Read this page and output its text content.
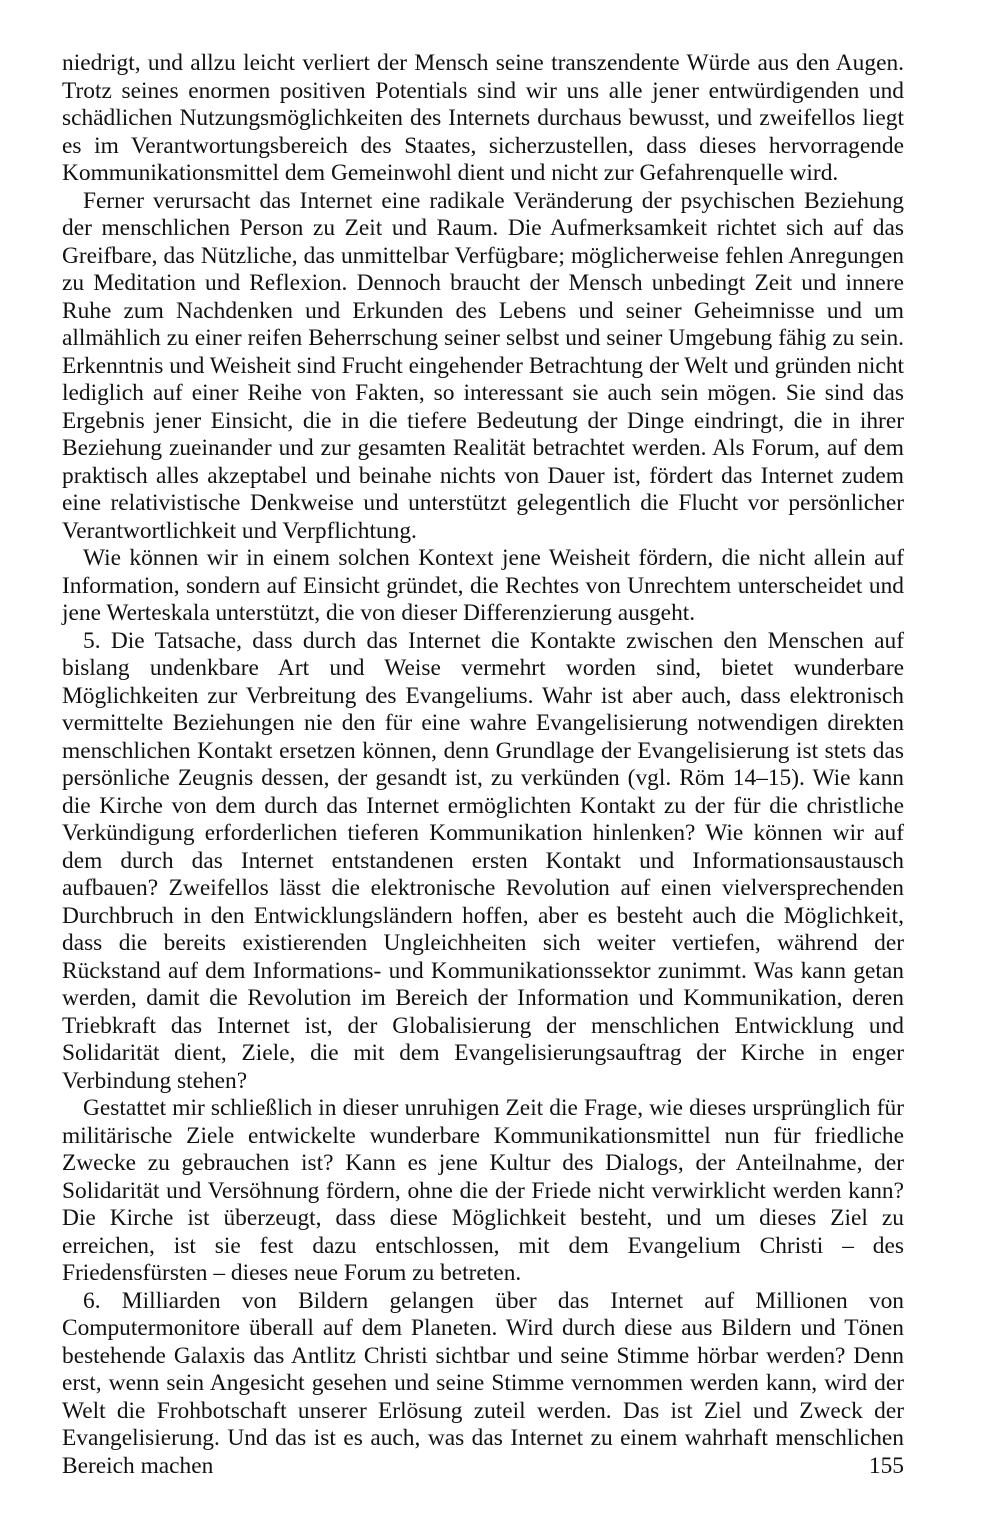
niedrigt, und allzu leicht verliert der Mensch seine transzendente Würde aus den Augen. Trotz seines enormen positiven Potentials sind wir uns alle jener entwürdigenden und schädlichen Nutzungsmöglichkeiten des Internets durchaus bewusst, und zweifellos liegt es im Verantwortungsbereich des Staates, sicherzustellen, dass dieses hervorragende Kommunikationsmittel dem Gemeinwohl dient und nicht zur Gefahrenquelle wird.

Ferner verursacht das Internet eine radikale Veränderung der psychischen Beziehung der menschlichen Person zu Zeit und Raum. Die Aufmerksamkeit richtet sich auf das Greifbare, das Nützliche, das unmittelbar Verfügbare; möglicherweise fehlen Anregungen zu Meditation und Reflexion. Dennoch braucht der Mensch unbedingt Zeit und innere Ruhe zum Nachdenken und Erkunden des Lebens und seiner Geheimnisse und um allmählich zu einer reifen Beherrschung seiner selbst und seiner Umgebung fähig zu sein. Erkenntnis und Weisheit sind Frucht eingehender Betrachtung der Welt und gründen nicht lediglich auf einer Reihe von Fakten, so interessant sie auch sein mögen. Sie sind das Ergebnis jener Einsicht, die in die tiefere Bedeutung der Dinge eindringt, die in ihrer Beziehung zueinander und zur gesamten Realität betrachtet werden. Als Forum, auf dem praktisch alles akzeptabel und beinahe nichts von Dauer ist, fördert das Internet zudem eine relativistische Denkweise und unterstützt gelegentlich die Flucht vor persönlicher Verantwortlichkeit und Verpflichtung.

Wie können wir in einem solchen Kontext jene Weisheit fördern, die nicht allein auf Information, sondern auf Einsicht gründet, die Rechtes von Unrechtem unterscheidet und jene Werteskala unterstützt, die von dieser Differenzierung ausgeht.

5. Die Tatsache, dass durch das Internet die Kontakte zwischen den Menschen auf bislang undenkbare Art und Weise vermehrt worden sind, bietet wunderbare Möglichkeiten zur Verbreitung des Evangeliums. Wahr ist aber auch, dass elektronisch vermittelte Beziehungen nie den für eine wahre Evangelisierung notwendigen direkten menschlichen Kontakt ersetzen können, denn Grundlage der Evangelisierung ist stets das persönliche Zeugnis dessen, der gesandt ist, zu verkünden (vgl. Röm 14–15). Wie kann die Kirche von dem durch das Internet ermöglichten Kontakt zu der für die christliche Verkündigung erforderlichen tieferen Kommunikation hinlenken? Wie können wir auf dem durch das Internet entstandenen ersten Kontakt und Informationsaustausch aufbauen? Zweifellos lässt die elektronische Revolution auf einen vielversprechenden Durchbruch in den Entwicklungsländern hoffen, aber es besteht auch die Möglichkeit, dass die bereits existierenden Ungleichheiten sich weiter vertiefen, während der Rückstand auf dem Informations- und Kommunikationssektor zunimmt. Was kann getan werden, damit die Revolution im Bereich der Information und Kommunikation, deren Triebkraft das Internet ist, der Globalisierung der menschlichen Entwicklung und Solidarität dient, Ziele, die mit dem Evangelisierungsauftrag der Kirche in enger Verbindung stehen?

Gestattet mir schließlich in dieser unruhigen Zeit die Frage, wie dieses ursprünglich für militärische Ziele entwickelte wunderbare Kommunikationsmittel nun für friedliche Zwecke zu gebrauchen ist? Kann es jene Kultur des Dialogs, der Anteilnahme, der Solidarität und Versöhnung fördern, ohne die der Friede nicht verwirklicht werden kann? Die Kirche ist überzeugt, dass diese Möglichkeit besteht, und um dieses Ziel zu erreichen, ist sie fest dazu entschlossen, mit dem Evangelium Christi – des Friedensfürsten – dieses neue Forum zu betreten.

6. Milliarden von Bildern gelangen über das Internet auf Millionen von Computermonitore überall auf dem Planeten. Wird durch diese aus Bildern und Tönen bestehende Galaxis das Antlitz Christi sichtbar und seine Stimme hörbar werden? Denn erst, wenn sein Angesicht gesehen und seine Stimme vernommen werden kann, wird der Welt die Frohbotschaft unserer Erlösung zuteil werden. Das ist Ziel und Zweck der Evangelisierung. Und das ist es auch, was das Internet zu einem wahrhaft menschlichen Bereich machen	155
